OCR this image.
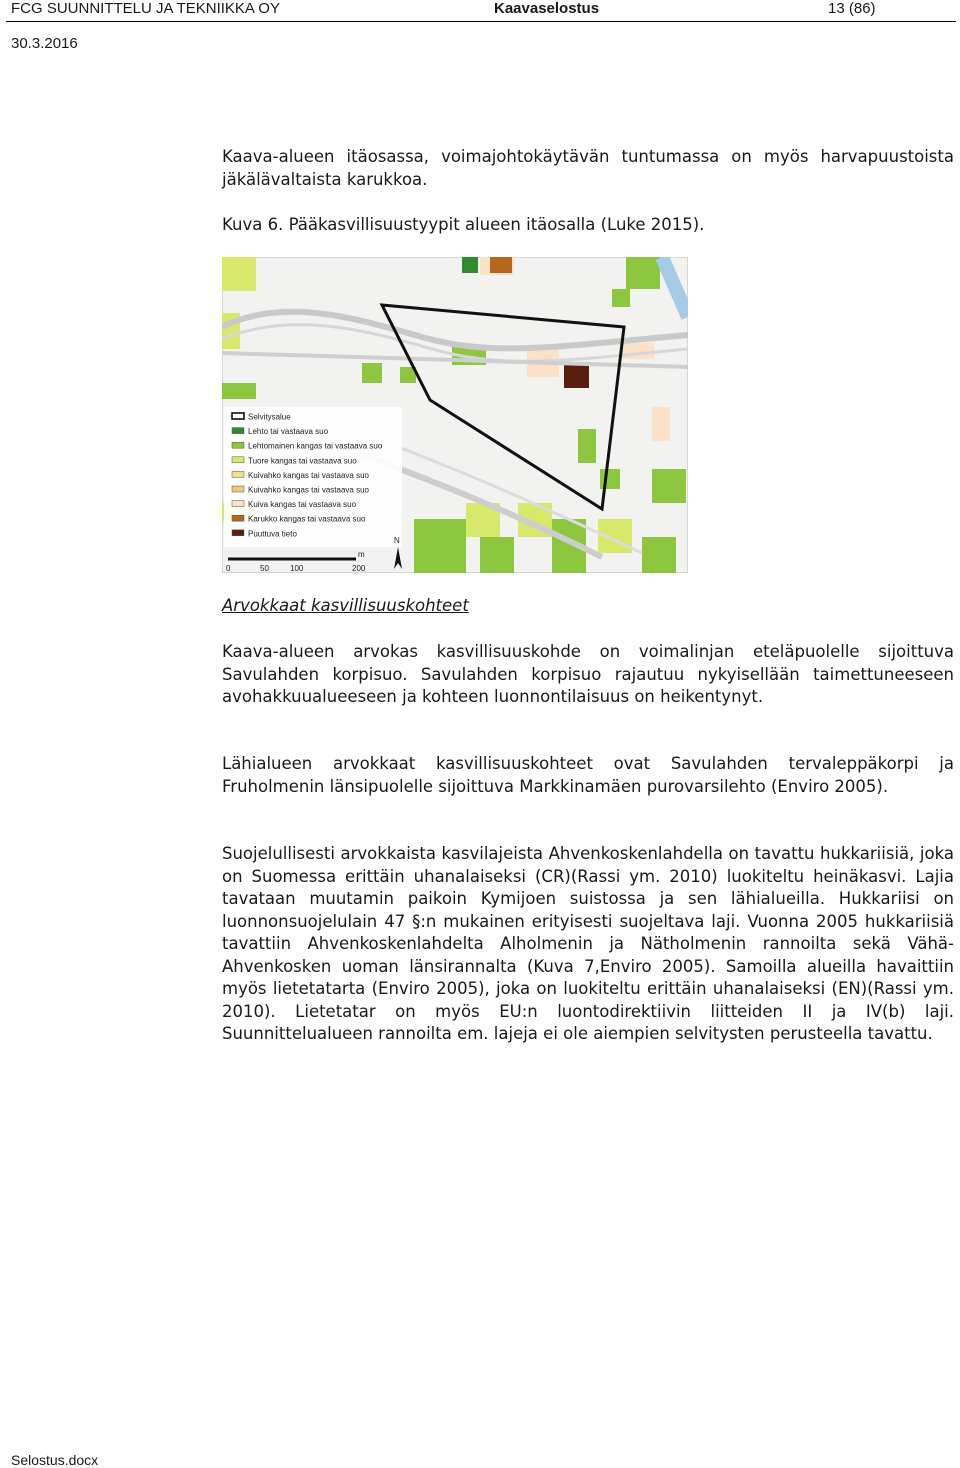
FCG SUUNNITTELU JA TEKNIIKKA OY	Kaavaselostus	13 (86)
30.3.2016

Kaava-alueen itäosassa, voimajohtokäytävän tuntumassa on myös harvapuustoista jäkälävaltaista karukkoa.

Kuva 6. Pääkasvillisuustyypit alueen itäosalla (Luke 2015).

Selvitysalue
Lehto tai vastaava suo
Lehtomainen kangas tai vastaava suo
Tuore kangas tai vastaava suo
Kuivahko kangas tai vastaava suo
Kuivahko kangas tai vastaava suo
Kuiva kangas tai vastaava suo
Karukko kangas tai vastaava suo
Puuttuva tieto
m
0	50	100	200
N
Arvokkaat kasvillisuuskohteet

Kaava-alueen arvokas kasvillisuuskohde on voimalinjan eteläpuolelle sijoittuva Savulahden korpisuo. Savulahden korpisuo rajautuu nykyisellään taimettuneeseen avohakkuualueeseen ja kohteen luonnontilaisuus on heikentynyt.

Lähialueen arvokkaat kasvillisuuskohteet ovat Savulahden tervaleppäkorpi ja Fruholmenin länsipuolelle sijoittuva Markkinamäen purovarsilehto (Enviro 2005).

Suojelullisesti arvokkaista kasvilajeista Ahvenkoskenlahdella on tavattu hukkariisiä, joka on Suomessa erittäin uhanalaiseksi (CR)(Rassi ym. 2010) luokiteltu heinäkasvi. Lajia tavataan muutamin paikoin Kymijoen suistossa ja sen lähialueilla. Hukkariisi on luonnonsuojelulain 47 §:n mukainen erityisesti suojeltava laji. Vuonna 2005 hukkariisiä tavattiin Ahvenkoskenlahdelta Alholmenin ja Nätholmenin rannoilta sekä Vähä-Ahvenkosken uoman länsirannalta (Kuva 7,Enviro 2005). Samoilla alueilla havaittiin myös lietetatarta (Enviro 2005), joka on luokiteltu erittäin uhanalaiseksi (EN)(Rassi ym. 2010). Lietetatar on myös EU:n luontodirektiivin liitteiden II ja IV(b) laji. Suunnittelualueen rannoilta em. lajeja ei ole aiempien selvitysten perusteella tavattu.

Selostus.docx
